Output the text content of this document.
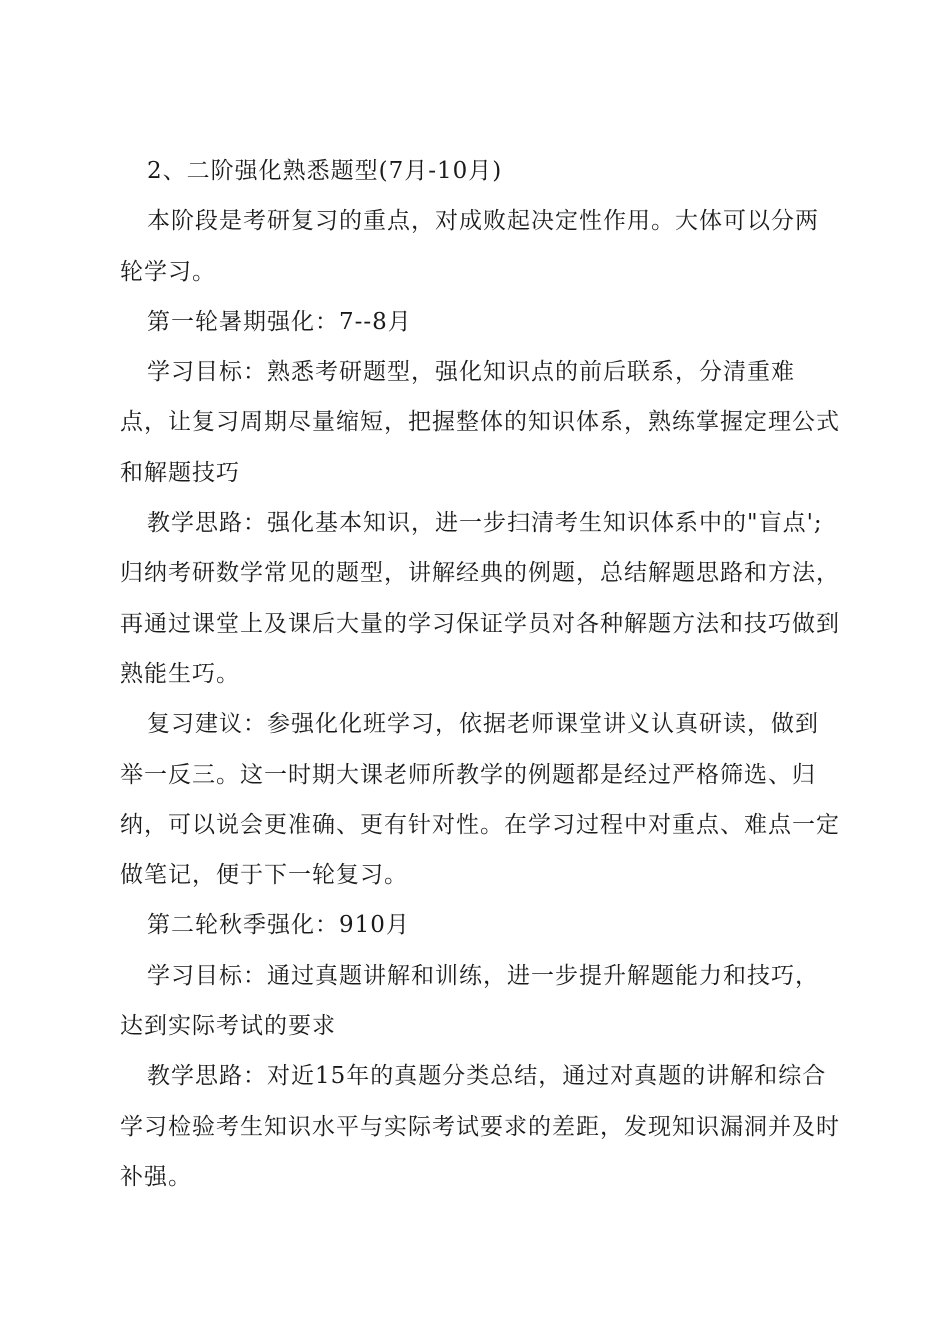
2、二阶强化熟悉题型(7月-10月)

本阶段是考研复习的重点，对成败起决定性作用。大体可以分两轮学习。

第一轮暑期强化：7--8月

学习目标：熟悉考研题型，强化知识点的前后联系，分清重难点，让复习周期尽量缩短，把握整体的知识体系，熟练掌握定理公式和解题技巧

教学思路：强化基本知识，进一步扫清考生知识体系中的"盲点';归纳考研数学常见的题型，讲解经典的例题，总结解题思路和方法，再通过课堂上及课后大量的学习保证学员对各种解题方法和技巧做到熟能生巧。

复习建议：参强化化班学习，依据老师课堂讲义认真研读，做到举一反三。这一时期大课老师所教学的例题都是经过严格筛选、归纳，可以说会更准确、更有针对性。在学习过程中对重点、难点一定做笔记，便于下一轮复习。

第二轮秋季强化：910月

学习目标：通过真题讲解和训练，进一步提升解题能力和技巧，达到实际考试的要求

教学思路：对近15年的真题分类总结，通过对真题的讲解和综合学习检验考生知识水平与实际考试要求的差距，发现知识漏洞并及时补强。
